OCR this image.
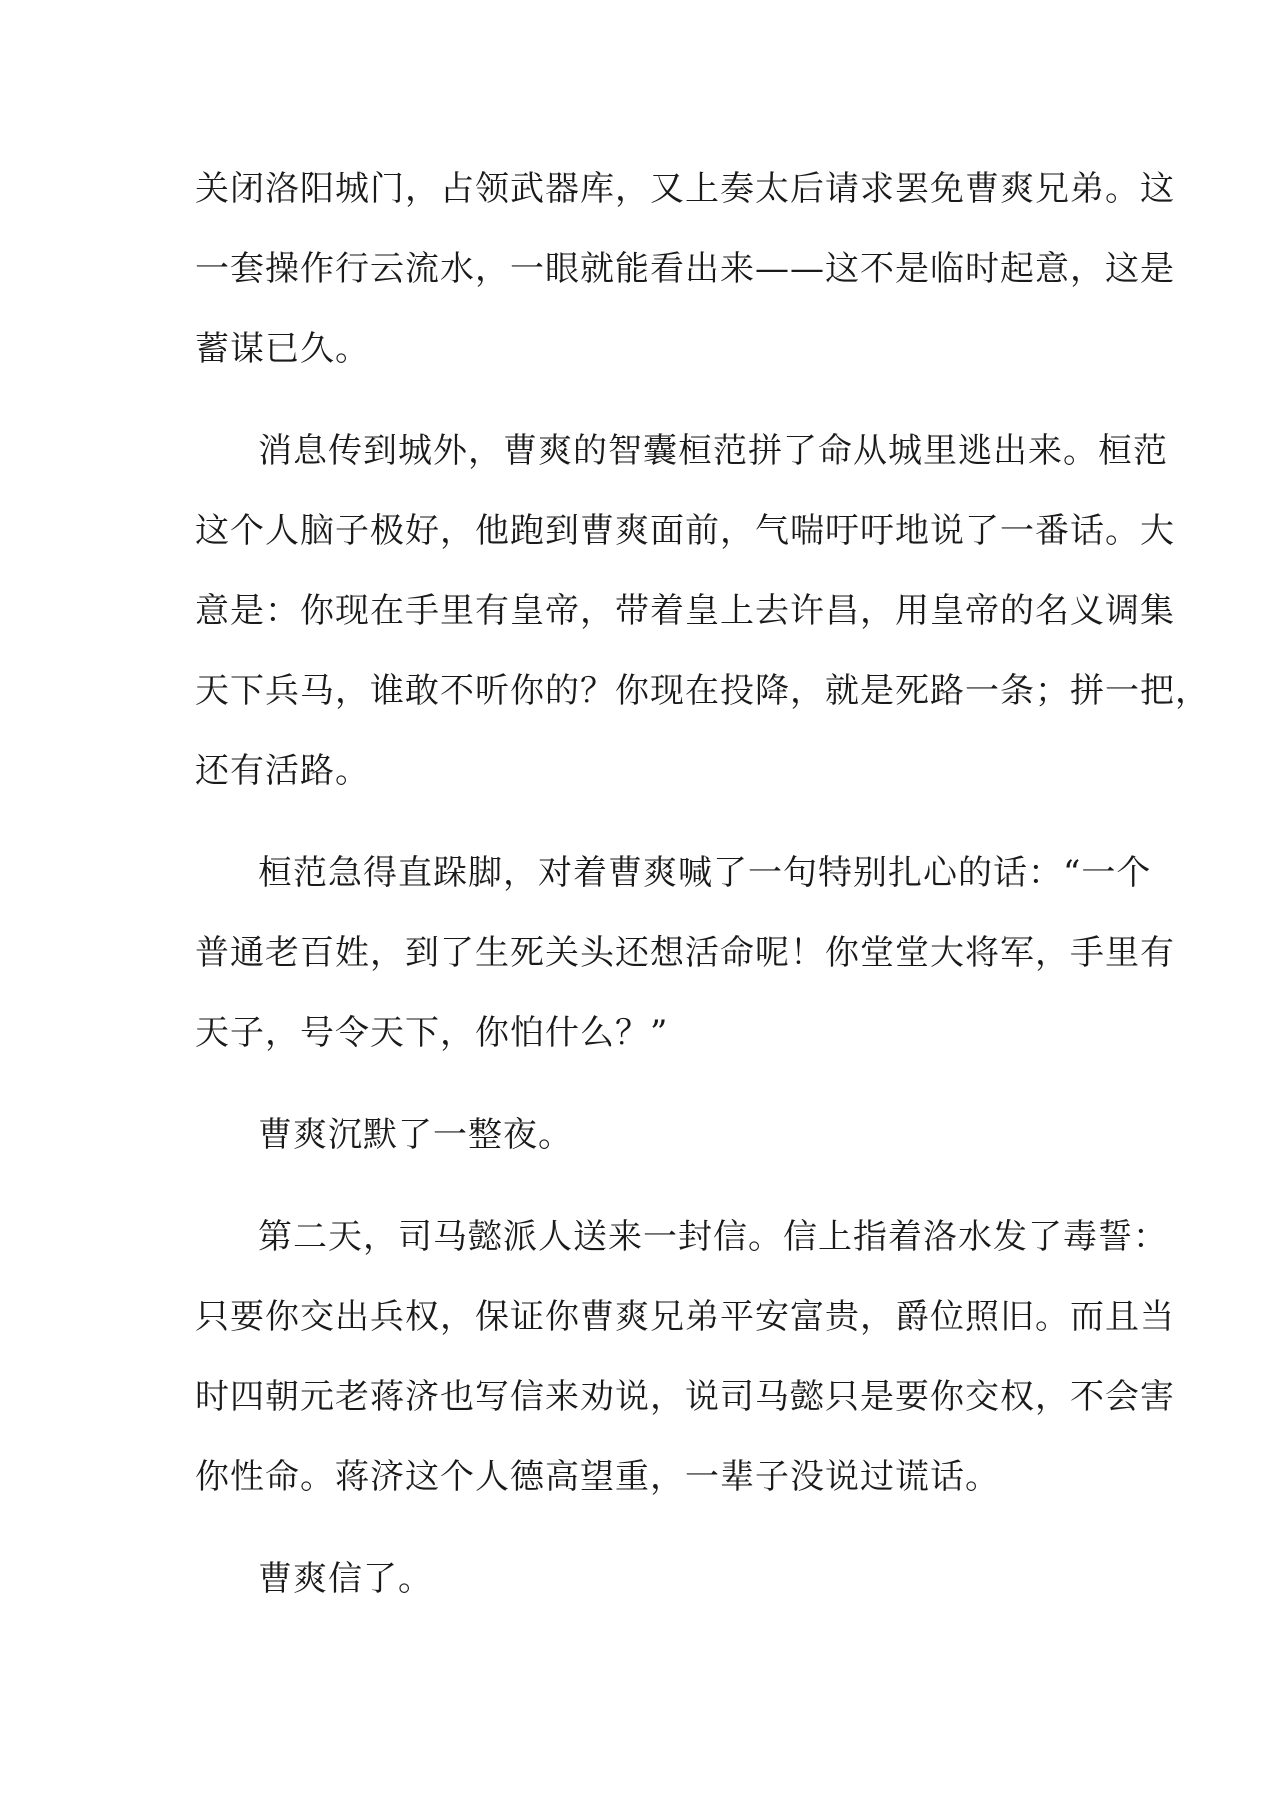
关闭洛阳城门，占领武器库，又上奏太后请求罢免曹爽兄弟。这
一套操作行云流水，一眼就能看出来——这不是临时起意，这是
蓄谋已久。

消息传到城外，曹爽的智囊桓范拼了命从城里逃出来。桓范
这个人脑子极好，他跑到曹爽面前，气喘吁吁地说了一番话。大
意是：你现在手里有皇帝，带着皇上去许昌，用皇帝的名义调集
天下兵马，谁敢不听你的？你现在投降，就是死路一条；拼一把，
还有活路。

桓范急得直跺脚，对着曹爽喊了一句特别扎心的话：“一个
普通老百姓，到了生死关头还想活命呢！你堂堂大将军，手里有
天子，号令天下，你怕什么？”

曹爽沉默了一整夜。

第二天，司马懿派人送来一封信。信上指着洛水发了毒誓：
只要你交出兵权，保证你曹爽兄弟平安富贵，爵位照旧。而且当
时四朝元老蒋济也写信来劝说，说司马懿只是要你交权，不会害
你性命。蒋济这个人德高望重，一辈子没说过谎话。

曹爽信了。
